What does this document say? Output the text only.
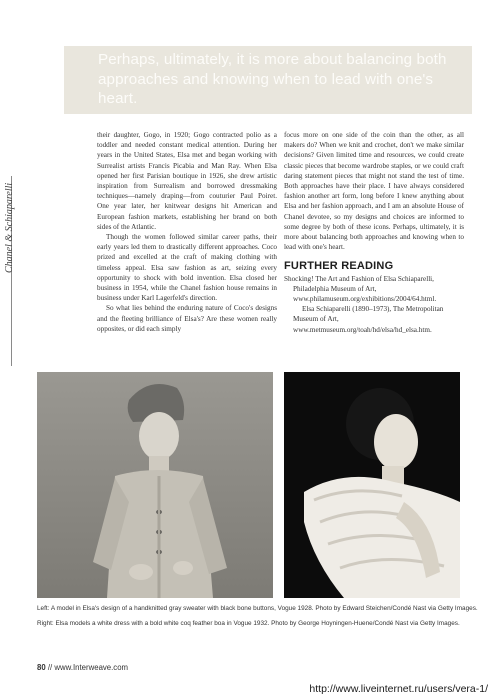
Perhaps, ultimately, it is more about balancing both approaches and knowing when to lead with one's heart.
Chanel & Schiaparelli

their daughter, Gogo, in 1920; Gogo contracted polio as a toddler and needed constant medical attention. During her years in the United States, Elsa met and began working with Surrealist artists Francis Picabia and Man Ray. When Elsa opened her first Parisian boutique in 1926, she drew artistic inspiration from Surrealism and borrowed dressmaking techniques—namely draping—from couturier Paul Poiret. One year later, her knitwear designs hit American and European fashion markets, establishing her brand on both sides of the Atlantic.

Though the women followed similar career paths, their early years led them to drastically different approaches. Coco prized and excelled at the craft of making clothing with timeless appeal. Elsa saw fashion as art, seizing every opportunity to shock with bold invention. Elsa closed her business in 1954, while the Chanel fashion house remains in business under Karl Lagerfeld's direction.

So what lies behind the enduring nature of Coco's designs and the fleeting brilliance of Elsa's? Are these women really opposites, or did each simply

focus more on one side of the coin than the other, as all makers do? When we knit and crochet, don't we make similar decisions? Given limited time and resources, we could create classic pieces that become wardrobe staples, or we could craft daring statement pieces that might not stand the test of time. Both approaches have their place. I have always considered fashion another art form, long before I knew anything about Elsa and her fashion approach, and I am an absolute House of Chanel devotee, so my designs and choices are informed to some degree by both of these icons. Perhaps, ultimately, it is more about balancing both approaches and knowing when to lead with one's heart.

FURTHER READING

Shocking! The Art and Fashion of Elsa Schiaparelli, Philadelphia Museum of Art, www.philamuseum.org/exhibitions/2004/64.html.

Elsa Schiaparelli (1890–1973), The Metropolitan Museum of Art, www.metmuseum.org/toah/hd/elsa/hd_elsa.htm.

Left: A model in Elsa's design of a handknitted gray sweater with black bone buttons, Vogue 1928. Photo by Edward Steichen/Condé Nast via Getty Images.

Right: Elsa models a white dress with a bold white coq feather boa in Vogue 1932. Photo by George Hoyningen-Huene/Condé Nast via Getty Images.

80 // www.Interweave.com
http://www.liveinternet.ru/users/vera-1/
